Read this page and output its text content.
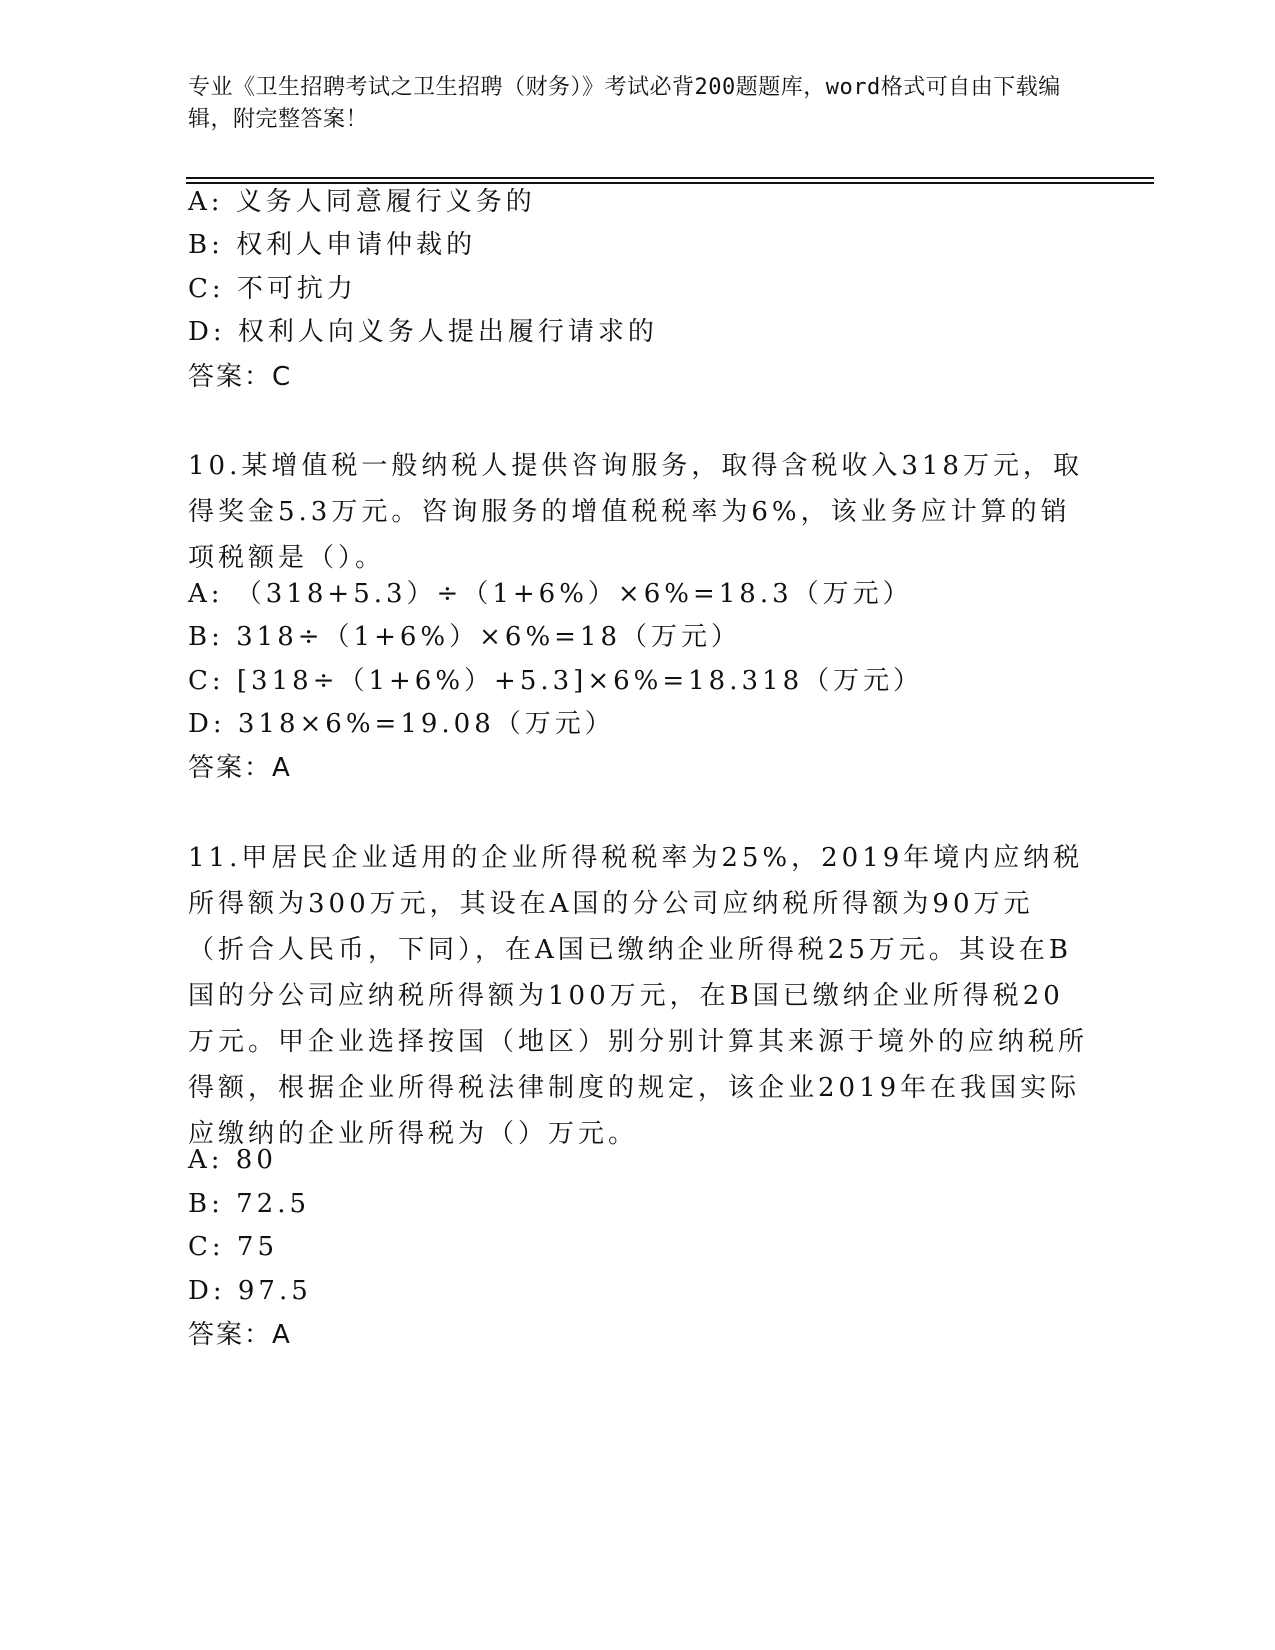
专业《卫生招聘考试之卫生招聘（财务）》考试必背200题题库，word格式可自由下载编辑，附完整答案！
A: 义务人同意履行义务的
B: 权利人申请仲裁的
C: 不可抗力
D: 权利人向义务人提出履行请求的
答案：C
10.某增值税一般纳税人提供咨询服务，取得含税收入318万元，取得奖金5.3万元。咨询服务的增值税税率为6%，该业务应计算的销项税额是（）。
A: （318+5.3）÷（1+6%）×6%=18.3（万元）
B: 318÷（1+6%）×6%=18（万元）
C: [318÷（1+6%）+5.3]×6%=18.318（万元）
D: 318×6%=19.08（万元）
答案：A
11.甲居民企业适用的企业所得税税率为25%，2019年境内应纳税所得额为300万元，其设在A国的分公司应纳税所得额为90万元（折合人民币，下同），在A国已缴纳企业所得税25万元。其设在B国的分公司应纳税所得额为100万元，在B国已缴纳企业所得税20万元。甲企业选择按国（地区）别分别计算其来源于境外的应纳税所得额，根据企业所得税法律制度的规定，该企业2019年在我国实际应缴纳的企业所得税为（）万元。
A: 80
B: 72.5
C: 75
D: 97.5
答案：A
